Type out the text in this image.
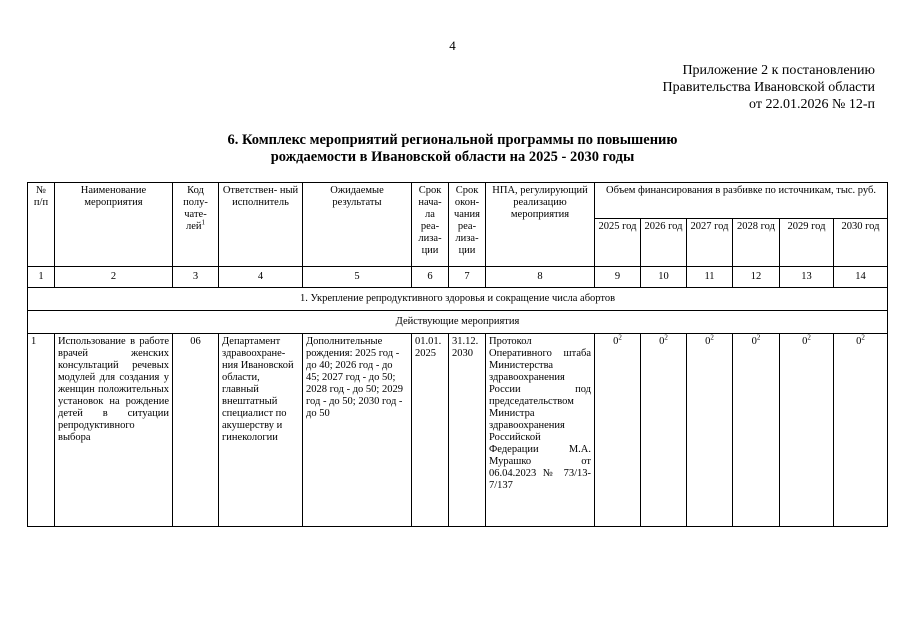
4
Приложение 2 к постановлению
Правительства Ивановской области
от 22.01.2026 № 12-п
6. Комплекс мероприятий региональной программы по повышению
рождаемости в Ивановской области на 2025 - 2030 годы
№ п/п	Наименование мероприятия	Код полу- чате- лей$^1$	Ответствен- ный исполнитель	Ожидаемые результаты	Срок нача- ла реа- лиза- ции	Срок окон- чания реа- лиза- ции	НПА, регулирующий реализацию мероприятия	Объем финансирования в разбивке по источникам, тыс. руб.					
								2025 год	2026 год	2027 год	2028 год	2029 год	2030 год
1	2	3	4	5	6	7	8	9	10	11	12	13	14
1. Укрепление репродуктивного здоровья и сокращение числа абортов													
Действующие мероприятия													
1	Использование в работе врачей женских консультаций речевых модулей для создания у женщин положительных установок на рождение детей в ситуации репродуктивного выбора	06	Департамент здравоохране- ния Ивановской области, главный внештатный специалист по акушерству и гинекологии	Дополнительные рождения: 2025 год - до 40; 2026 год - до 45; 2027 год - до 50; 2028 год - до 50; 2029 год - до 50; 2030 год - до 50	01.01. 2025	31.12. 2030	Протокол Оперативного штаба Министерства здравоохранения России под председательством Министра здравоохранения Российской Федерации М.А. Мурашко от 06.04.2023 № 73/13-7/137	$0^2$	$0^2$	$0^2$	$0^2$	$0^2$	$0^2$
